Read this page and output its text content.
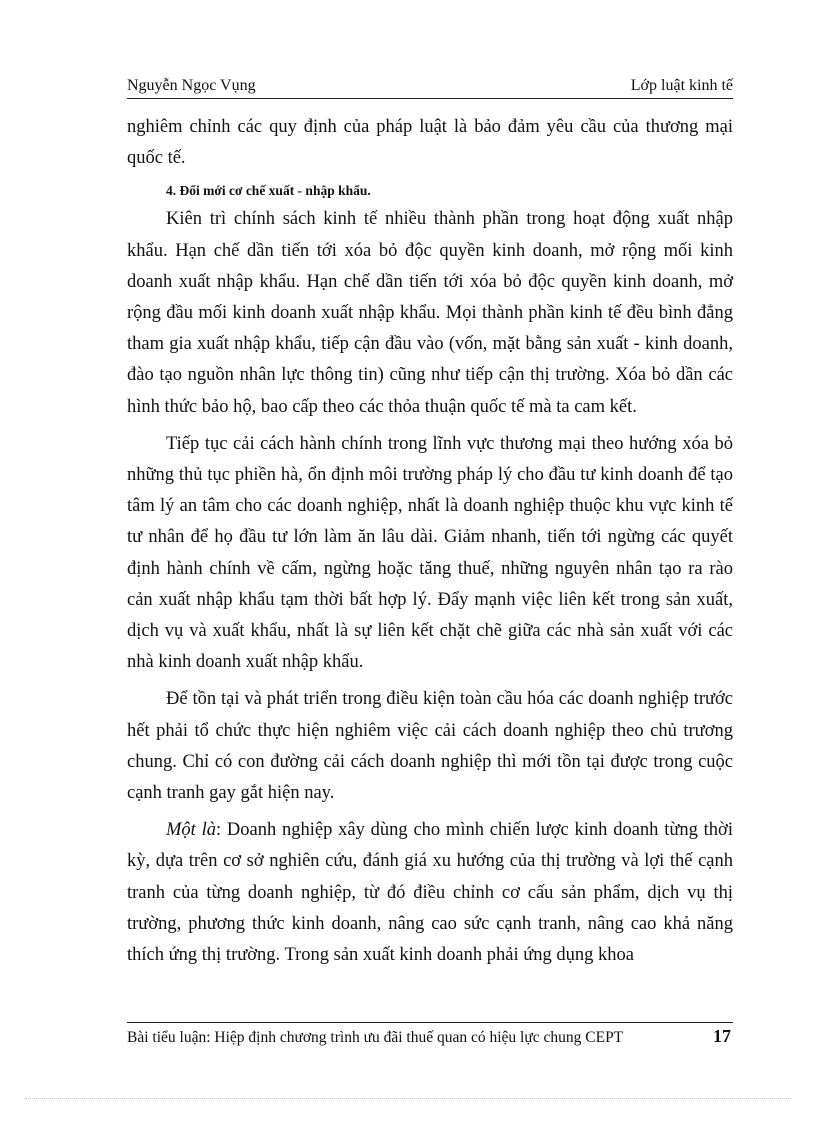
Nguyễn Ngọc Vụng	Lớp luật kinh tế

nghiêm chỉnh các quy định của pháp luật là bảo đảm yêu cầu của thương mại quốc tế.

4. Đổi mới cơ chế xuất - nhập khẩu.

Kiên trì chính sách kinh tế nhiều thành phần trong hoạt động xuất nhập khẩu. Hạn chế dần tiến tới xóa bỏ độc quyền kinh doanh, mở rộng mối kinh doanh xuất nhập khẩu. Hạn chế dần tiến tới xóa bỏ độc quyền kinh doanh, mở rộng đầu mối kinh doanh xuất nhập khẩu. Mọi thành phần kinh tế đều bình đẳng tham gia xuất nhập khẩu, tiếp cận đầu vào (vốn, mặt bằng sản xuất - kinh doanh, đào tạo nguồn nhân lực thông tin) cũng như tiếp cận thị trường. Xóa bỏ dần các hình thức bảo hộ, bao cấp theo các thỏa thuận quốc tế mà ta cam kết.

Tiếp tục cải cách hành chính trong lĩnh vực thương mại theo hướng xóa bỏ những thủ tục phiền hà, ổn định môi trường pháp lý cho đầu tư kinh doanh để tạo tâm lý an tâm cho các doanh nghiệp, nhất là doanh nghiệp thuộc khu vực kinh tế tư nhân để họ đầu tư lớn làm ăn lâu dài. Giảm nhanh, tiến tới ngừng các quyết định hành chính về cấm, ngừng hoặc tăng thuế, những nguyên nhân tạo ra rào cản xuất nhập khẩu tạm thời bất hợp lý. Đẩy mạnh việc liên kết trong sản xuất, dịch vụ và xuất khẩu, nhất là sự liên kết chặt chẽ giữa các nhà sản xuất với các nhà kinh doanh xuất nhập khẩu.

Để tồn tại và phát triển trong điều kiện toàn cầu hóa các doanh nghiệp trước hết phải tổ chức thực hiện nghiêm việc cải cách doanh nghiệp theo chủ trương chung. Chỉ có con đường cải cách doanh nghiệp thì mới tồn tại được trong cuộc cạnh tranh gay gắt hiện nay.

Một là: Doanh nghiệp xây dùng cho mình chiến lược kinh doanh từng thời kỳ, dựa trên cơ sở nghiên cứu, đánh giá xu hướng của thị trường và lợi thế cạnh tranh của từng doanh nghiệp, từ đó điều chỉnh cơ cấu sản phẩm, dịch vụ thị trường, phương thức kinh doanh, nâng cao sức cạnh tranh, nâng cao khả năng thích ứng thị trường. Trong sản xuất kinh doanh phải ứng dụng khoa

Bài tiểu luận: Hiệp định chương trình ưu đãi thuế quan có hiệu lực chung CEPT	17
